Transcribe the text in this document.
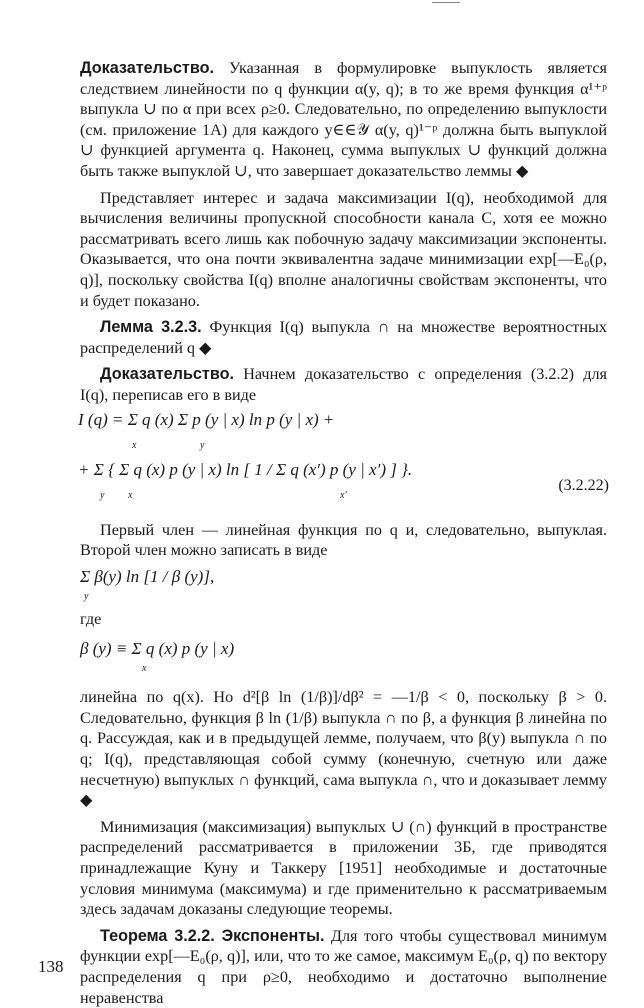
Доказательство. Указанная в формулировке выпуклость является следствием линейности по q функции α(y, q); в то же время функция α¹⁺ᵖ выпукла ∪ по α при всех ρ≥0. Следовательно, по определению выпуклости (см. приложение 1А) для каждого y∈∈𝒴 α(y, q)¹⁻ᵖ должна быть выпуклой ∪ функцией аргумента q. Наконец, сумма выпуклых ∪ функций должна быть также выпуклой ∪, что завершает доказательство леммы ◆

Представляет интерес и задача максимизации I(q), необходимой для вычисления величины пропускной способности канала C, хотя ее можно рассматривать всего лишь как побочную задачу максимизации экспоненты. Оказывается, что она почти эквивалентна задаче минимизации exp[—E₀(ρ, q)], поскольку свойства I(q) вполне аналогичны свойствам экспоненты, что и будет показано.

Лемма 3.2.3. Функция I(q) выпукла ∩ на множестве вероятностных распределений q ◆

Доказательство. Начнем доказательство с определения (3.2.2) для I(q), переписав его в виде

I (q) = Σ q (x) Σ p (y | x) ln p (y | x) +
x	y
+ Σ { Σ q (x) p (y | x) ln [ 1 / Σ q (x′) p (y | x′) ] }.
y x	x′
(3.2.22)

Первый член — линейная функция по q и, следовательно, выпуклая. Второй член можно записать в виде

Σ β(y) ln [1 / β (y)],
y

где

β (y) ≡ Σ q (x) p (y | x)
x

линейна по q(x). Но d²[β ln (1/β)]/dβ² = —1/β < 0, поскольку β > 0. Следовательно, функция β ln (1/β) выпукла ∩ по β, а функция β линейна по q. Рассуждая, как и в предыдущей лемме, получаем, что β(y) выпукла ∩ по q; I(q), представляющая собой сумму (конечную, счетную или даже несчетную) выпуклых ∩ функций, сама выпукла ∩, что и доказывает лемму ◆

Минимизация (максимизация) выпуклых ∪ (∩) функций в пространстве распределений рассматривается в приложении 3Б, где приводятся принадлежащие Куну и Таккеру [1951] необходимые и достаточные условия минимума (максимума) и где применительно к рассматриваемым здесь задачам доказаны следующие теоремы.

Теорема 3.2.2. Экспоненты. Для того чтобы существовал минимум функции exp[—E₀(ρ, q)], или, что то же самое, максимум E₀(ρ, q) по вектору распределения q при ρ≥0, необходимо и достаточно выполнение неравенства

138
